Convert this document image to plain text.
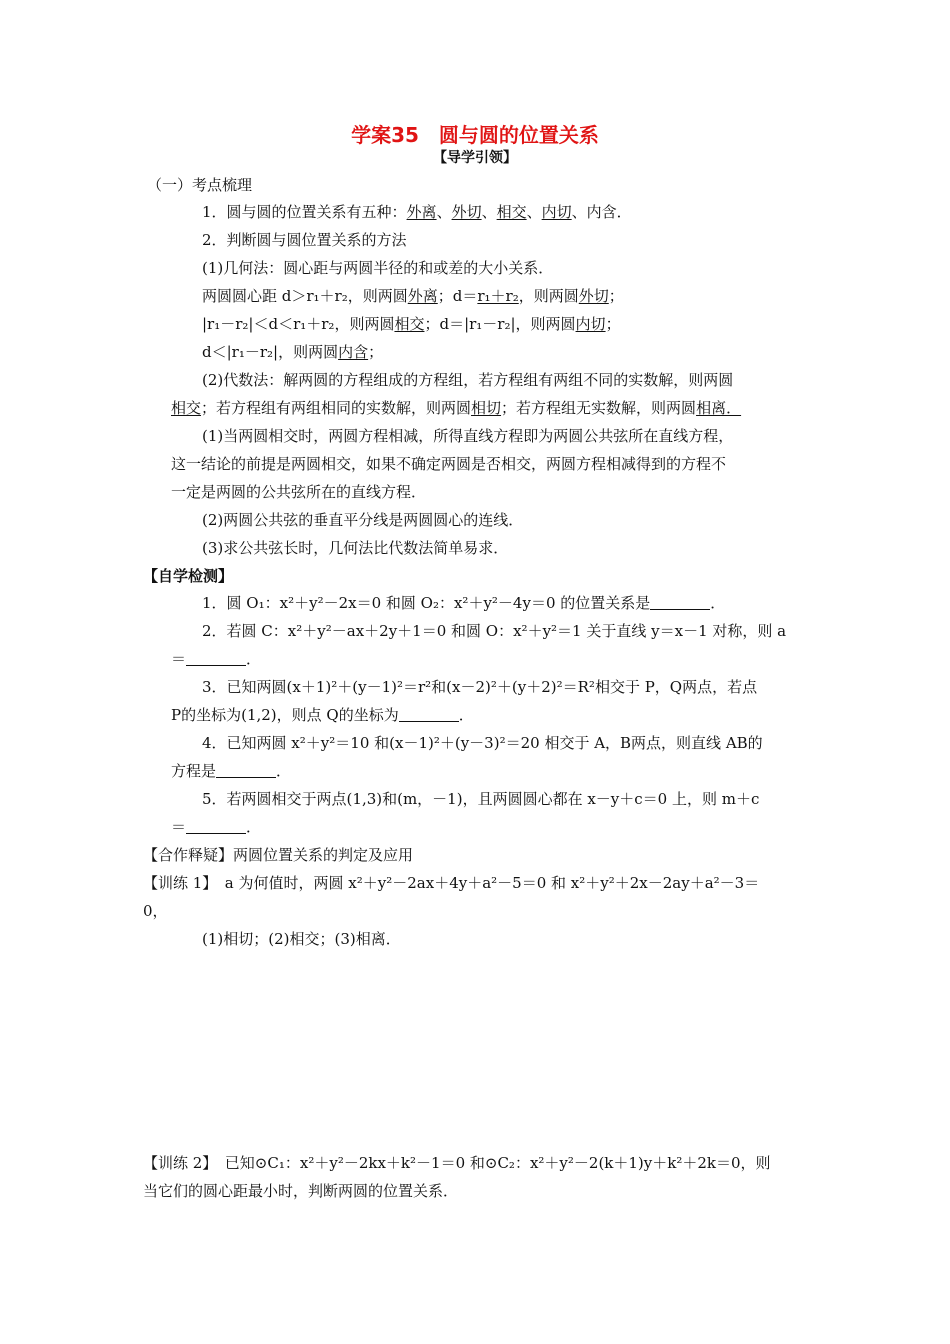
学案35　圆与圆的位置关系
【导学引领】
（一）考点梳理
1．圆与圆的位置关系有五种：外离、外切、相交、内切、内含．
2．判断圆与圆位置关系的方法
(1)几何法：圆心距与两圆半径的和或差的大小关系．
两圆圆心距 d＞r₁＋r₂，则两圆外离；d＝r₁＋r₂，则两圆外切；
|r₁－r₂|＜d＜r₁＋r₂，则两圆相交；d＝|r₁－r₂|，则两圆内切；
d＜|r₁－r₂|，则两圆内含；
(2)代数法：解两圆的方程组成的方程组，若方程组有两组不同的实数解，则两圆
相交；若方程组有两组相同的实数解，则两圆相切；若方程组无实数解，则两圆相离．
(1)当两圆相交时，两圆方程相减，所得直线方程即为两圆公共弦所在直线方程，
这一结论的前提是两圆相交，如果不确定两圆是否相交，两圆方程相减得到的方程不
一定是两圆的公共弦所在的直线方程．
(2)两圆公共弦的垂直平分线是两圆圆心的连线．
(3)求公共弦长时，几何法比代数法简单易求．
【自学检测】
1．圆 O₁：x²＋y²－2x＝0 和圆 O₂：x²＋y²－4y＝0 的位置关系是	．
2．若圆 C：x²＋y²－ax＋2y＋1＝0 和圆 O：x²＋y²＝1 关于直线 y＝x－1 对称，则 a
＝	．
3．已知两圆(x＋1)²＋(y－1)²＝r²和(x－2)²＋(y＋2)²＝R²相交于 P，Q两点，若点
P的坐标为(1,2)，则点 Q的坐标为	．
4．已知两圆 x²＋y²＝10 和(x－1)²＋(y－3)²＝20 相交于 A，B两点，则直线 AB的
方程是	．
5．若两圆相交于两点(1,3)和(m，－1)，且两圆圆心都在 x－y＋c＝0 上，则 m＋c
＝	．
【合作释疑】两圆位置关系的判定及应用
【训练 1】　a 为何值时，两圆 x²＋y²－2ax＋4y＋a²－5＝0 和 x²＋y²＋2x－2ay＋a²－3＝
0，
(1)相切；(2)相交；(3)相离．
【训练 2】　已知⊙C₁：x²＋y²－2kx＋k²－1＝0 和⊙C₂：x²＋y²－2(k＋1)y＋k²＋2k＝0，则
当它们的圆心距最小时，判断两圆的位置关系．
